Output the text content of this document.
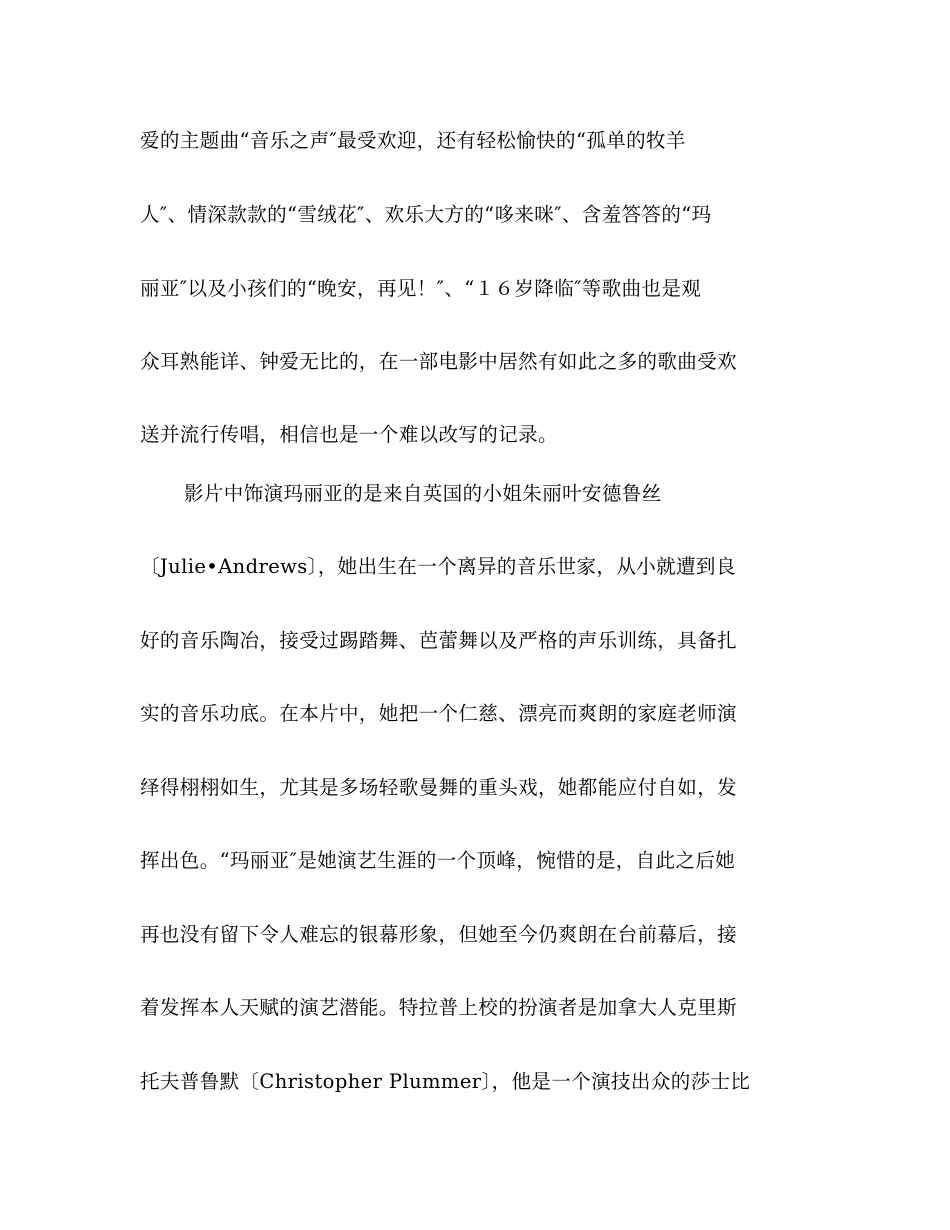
爱的主题曲“音乐之声″最受欢迎，还有轻松愉快的“孤单的牧羊
人″、情深款款的“雪绒花″、欢乐大方的“哆来咪″、含羞答答的“玛
丽亚″以及小孩们的“晚安，再见！″、“１６岁降临″等歌曲也是观
众耳熟能详、钟爱无比的，在一部电影中居然有如此之多的歌曲受欢
送并流行传唱，相信也是一个难以改写的记录。
影片中饰演玛丽亚的是来自英国的小姐朱丽叶安德鲁丝
〔Julie•Andrews〕，她出生在一个离异的音乐世家，从小就遭到良
好的音乐陶冶，接受过踢踏舞、芭蕾舞以及严格的声乐训练，具备扎
实的音乐功底。在本片中，她把一个仁慈、漂亮而爽朗的家庭老师演
绎得栩栩如生，尤其是多场轻歌曼舞的重头戏，她都能应付自如，发
挥出色。“玛丽亚″是她演艺生涯的一个顶峰，惋惜的是，自此之后她
再也没有留下令人难忘的银幕形象，但她至今仍爽朗在台前幕后，接
着发挥本人天赋的演艺潜能。特拉普上校的扮演者是加拿大人克里斯
托夫普鲁默〔Christopher Plummer〕，他是一个演技出众的莎士比
